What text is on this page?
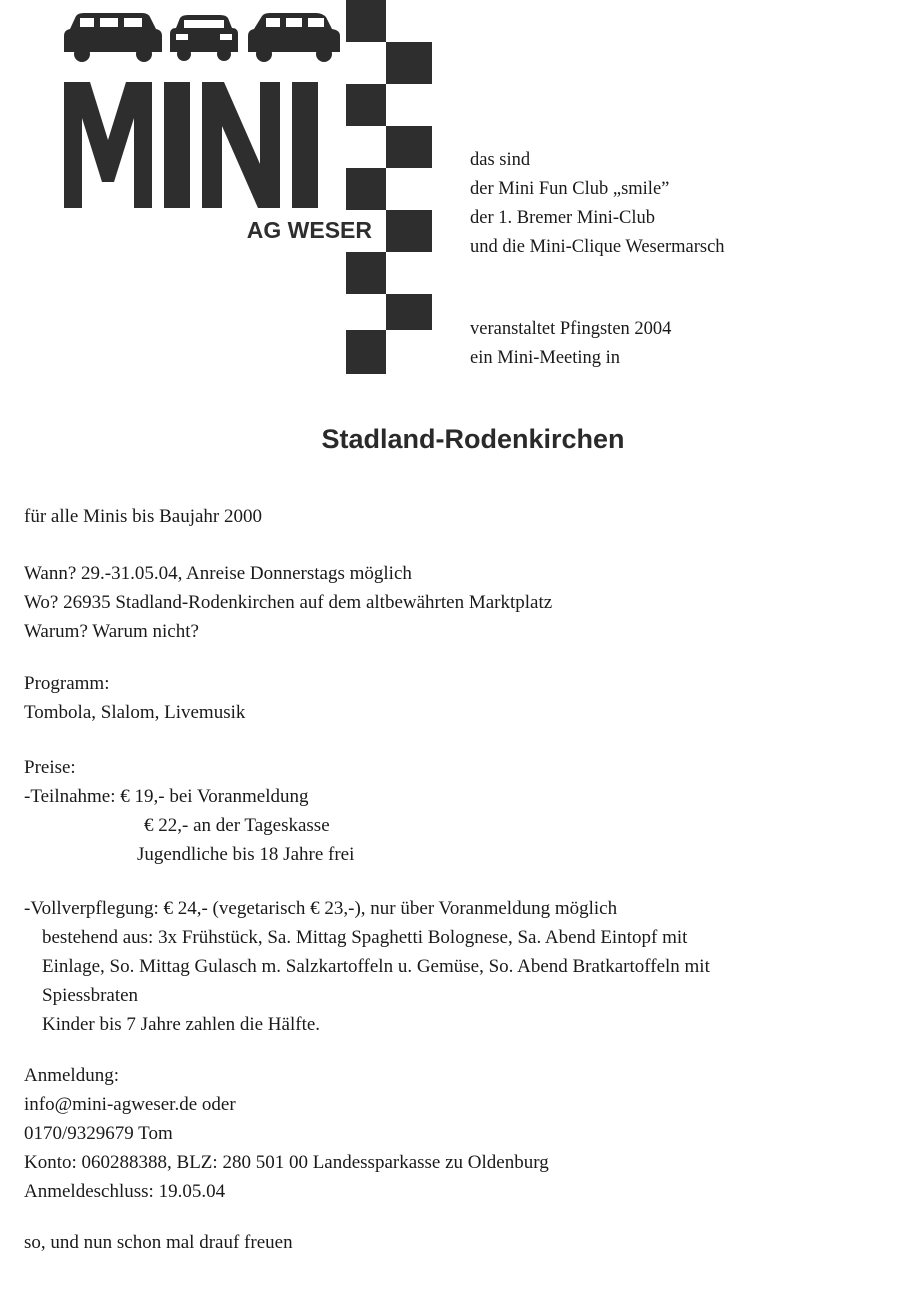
AG WESER
das sind
der Mini Fun Club „smile”
der 1. Bremer Mini-Club
und die Mini-Clique Wesermarsch
veranstaltet Pfingsten 2004
ein Mini-Meeting in
Stadland-Rodenkirchen
für alle Minis bis Baujahr 2000
Wann? 29.-31.05.04, Anreise Donnerstags möglich
Wo? 26935 Stadland-Rodenkirchen auf dem altbewährten Marktplatz
Warum? Warum nicht?
Programm:
Tombola, Slalom, Livemusik
Preise:
-Teilnahme: € 19,- bei Voranmeldung
€ 22,- an der Tageskasse
Jugendliche bis 18 Jahre frei
-Vollverpflegung: € 24,- (vegetarisch € 23,-), nur über Voranmeldung möglich
bestehend aus: 3x Frühstück, Sa. Mittag Spaghetti Bolognese, Sa. Abend Eintopf mit
Einlage, So. Mittag Gulasch m. Salzkartoffeln u. Gemüse, So. Abend Bratkartoffeln mit
Spiessbraten
Kinder bis 7 Jahre zahlen die Hälfte.
Anmeldung:
info@mini-agweser.de oder
0170/9329679 Tom
Konto: 060288388, BLZ: 280 501 00 Landessparkasse zu Oldenburg
Anmeldeschluss: 19.05.04
so, und nun schon mal drauf freuen
